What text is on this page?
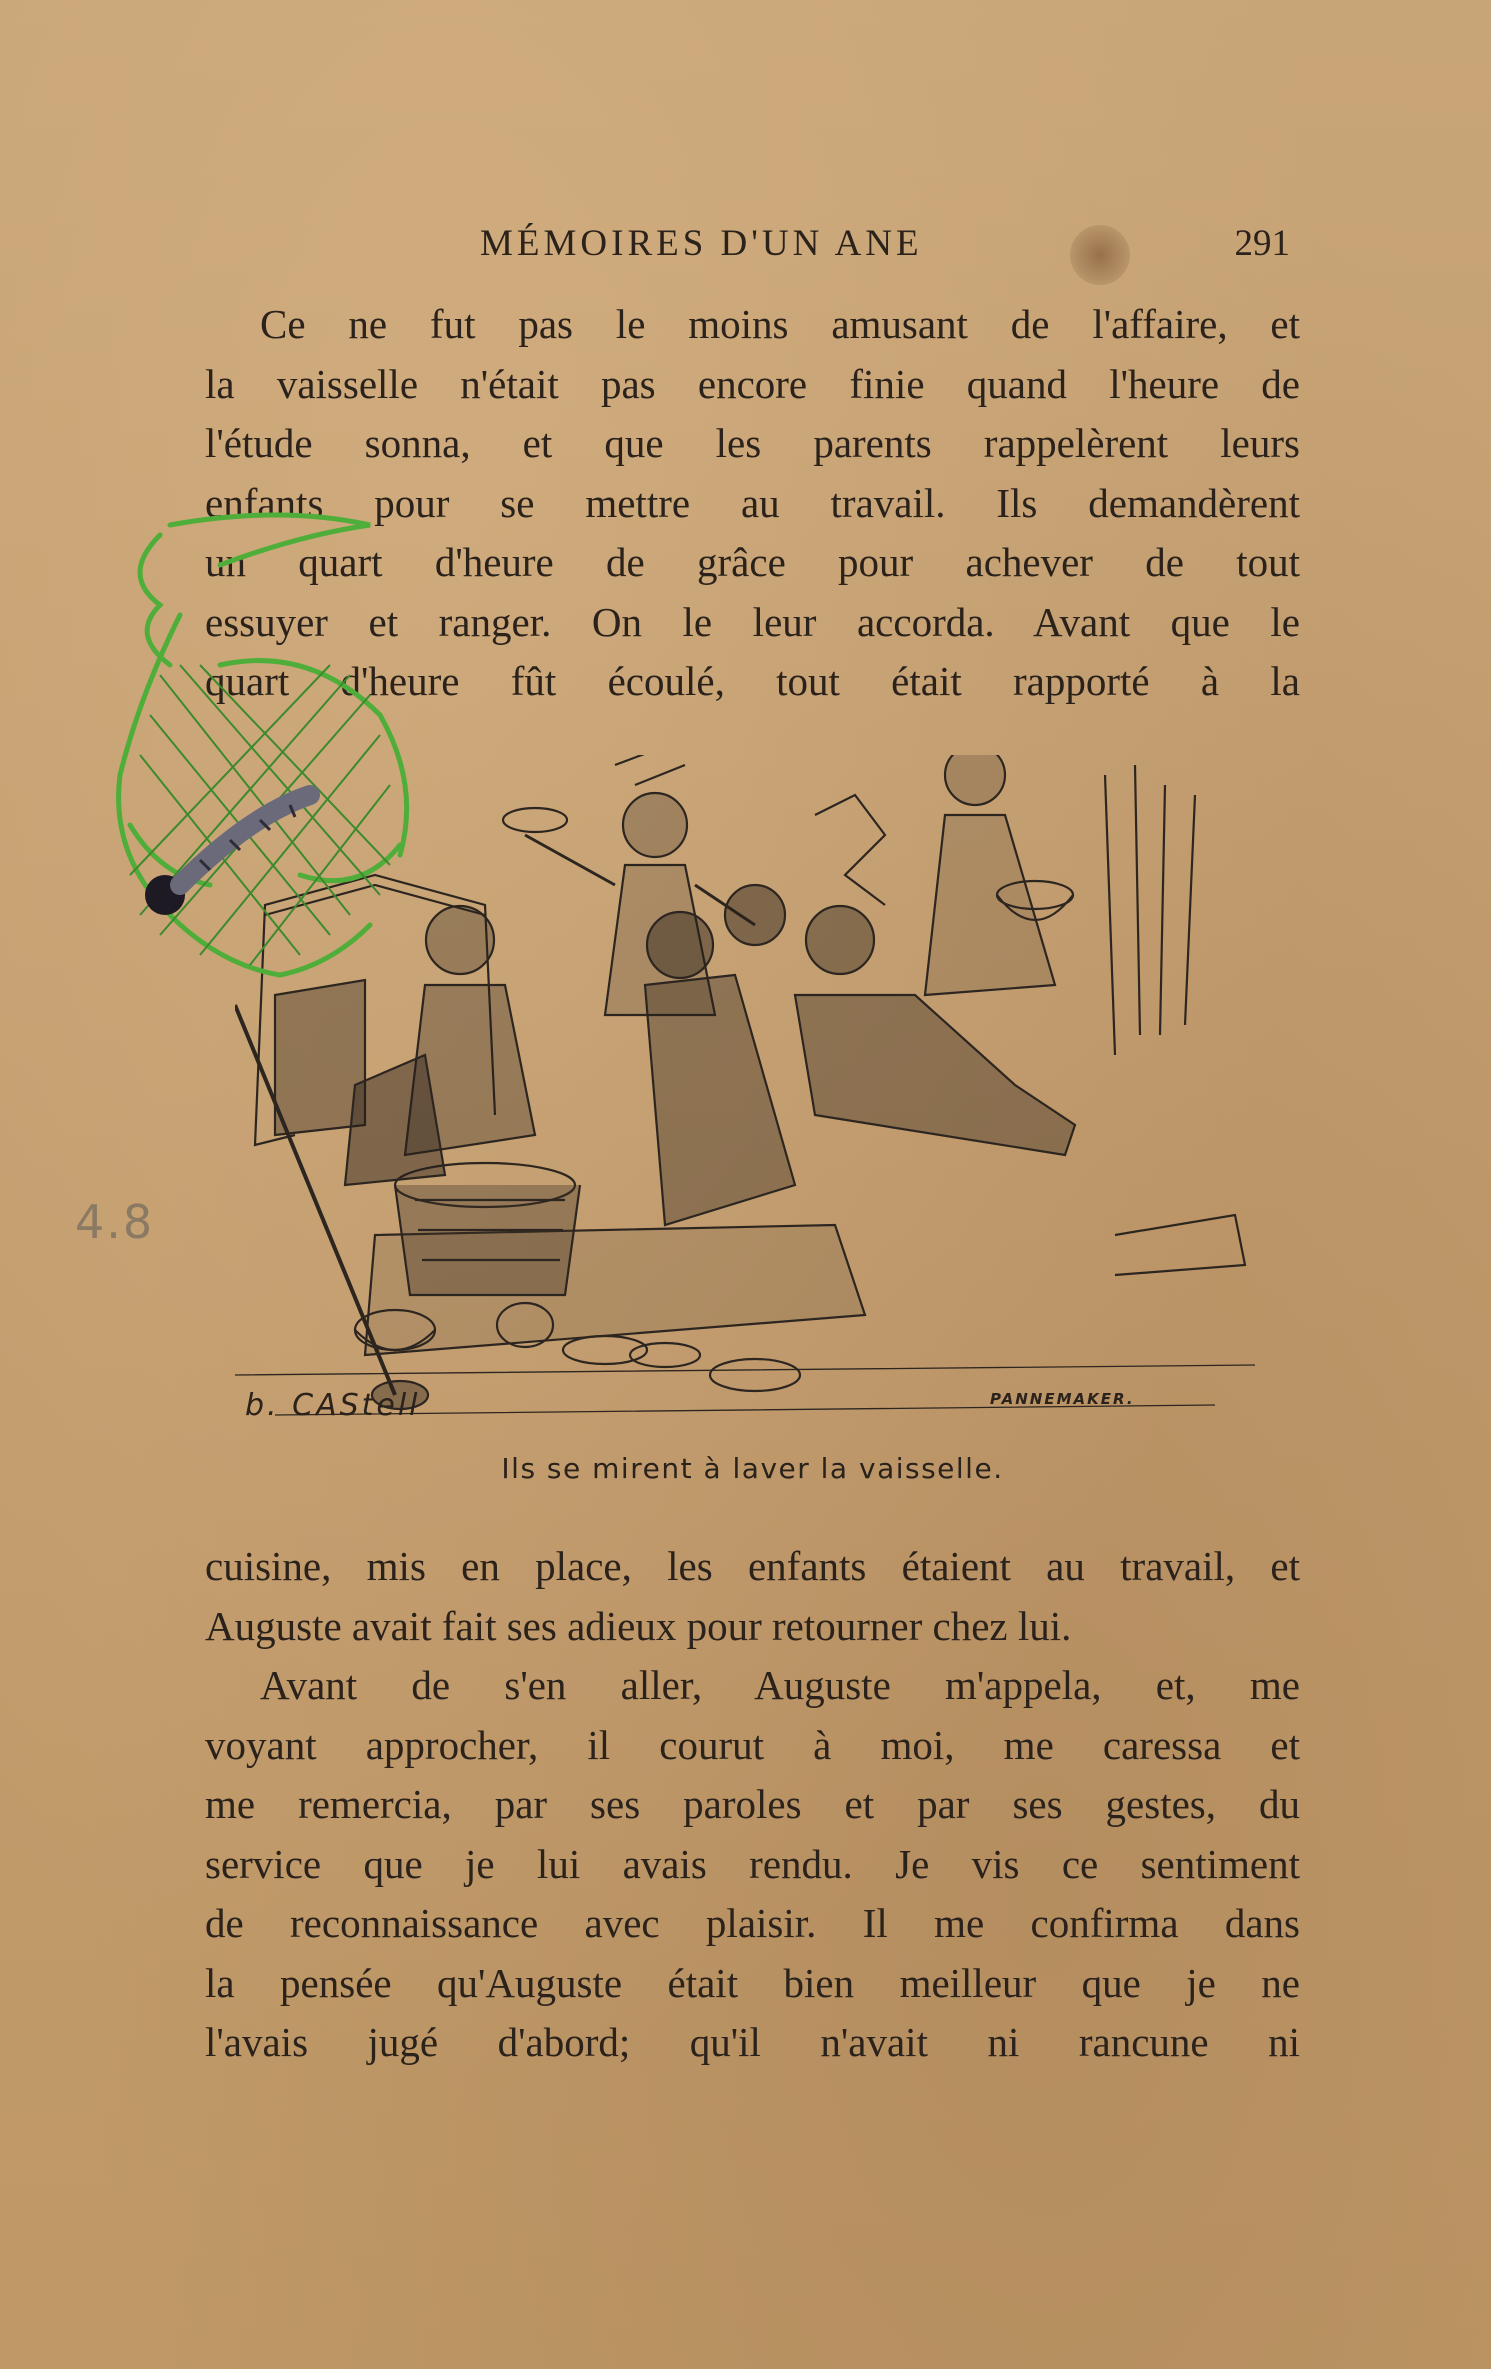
MÉMOIRES D'UN ANE	291

Ce ne fut pas le moins amusant de l'affaire, et
la vaisselle n'était pas encore finie quand l'heure de
l'étude sonna, et que les parents rappelèrent leurs
enfants pour se mettre au travail. Ils demandèrent
un quart d'heure de grâce pour achever de tout
essuyer et ranger. On le leur accorda. Avant que le
quart d'heure fût écoulé, tout était rapporté à la

b. CAStell	PANNEMAKER.
Ils se mirent à laver la vaisselle.
4.8

cuisine, mis en place, les enfants étaient au travail, et
Auguste avait fait ses adieux pour retourner chez lui.

Avant de s'en aller, Auguste m'appela, et, me
voyant approcher, il courut à moi, me caressa et
me remercia, par ses paroles et par ses gestes, du
service que je lui avais rendu. Je vis ce sentiment
de reconnaissance avec plaisir. Il me confirma dans
la pensée qu'Auguste était bien meilleur que je ne
l'avais jugé d'abord; qu'il n'avait ni rancune ni
